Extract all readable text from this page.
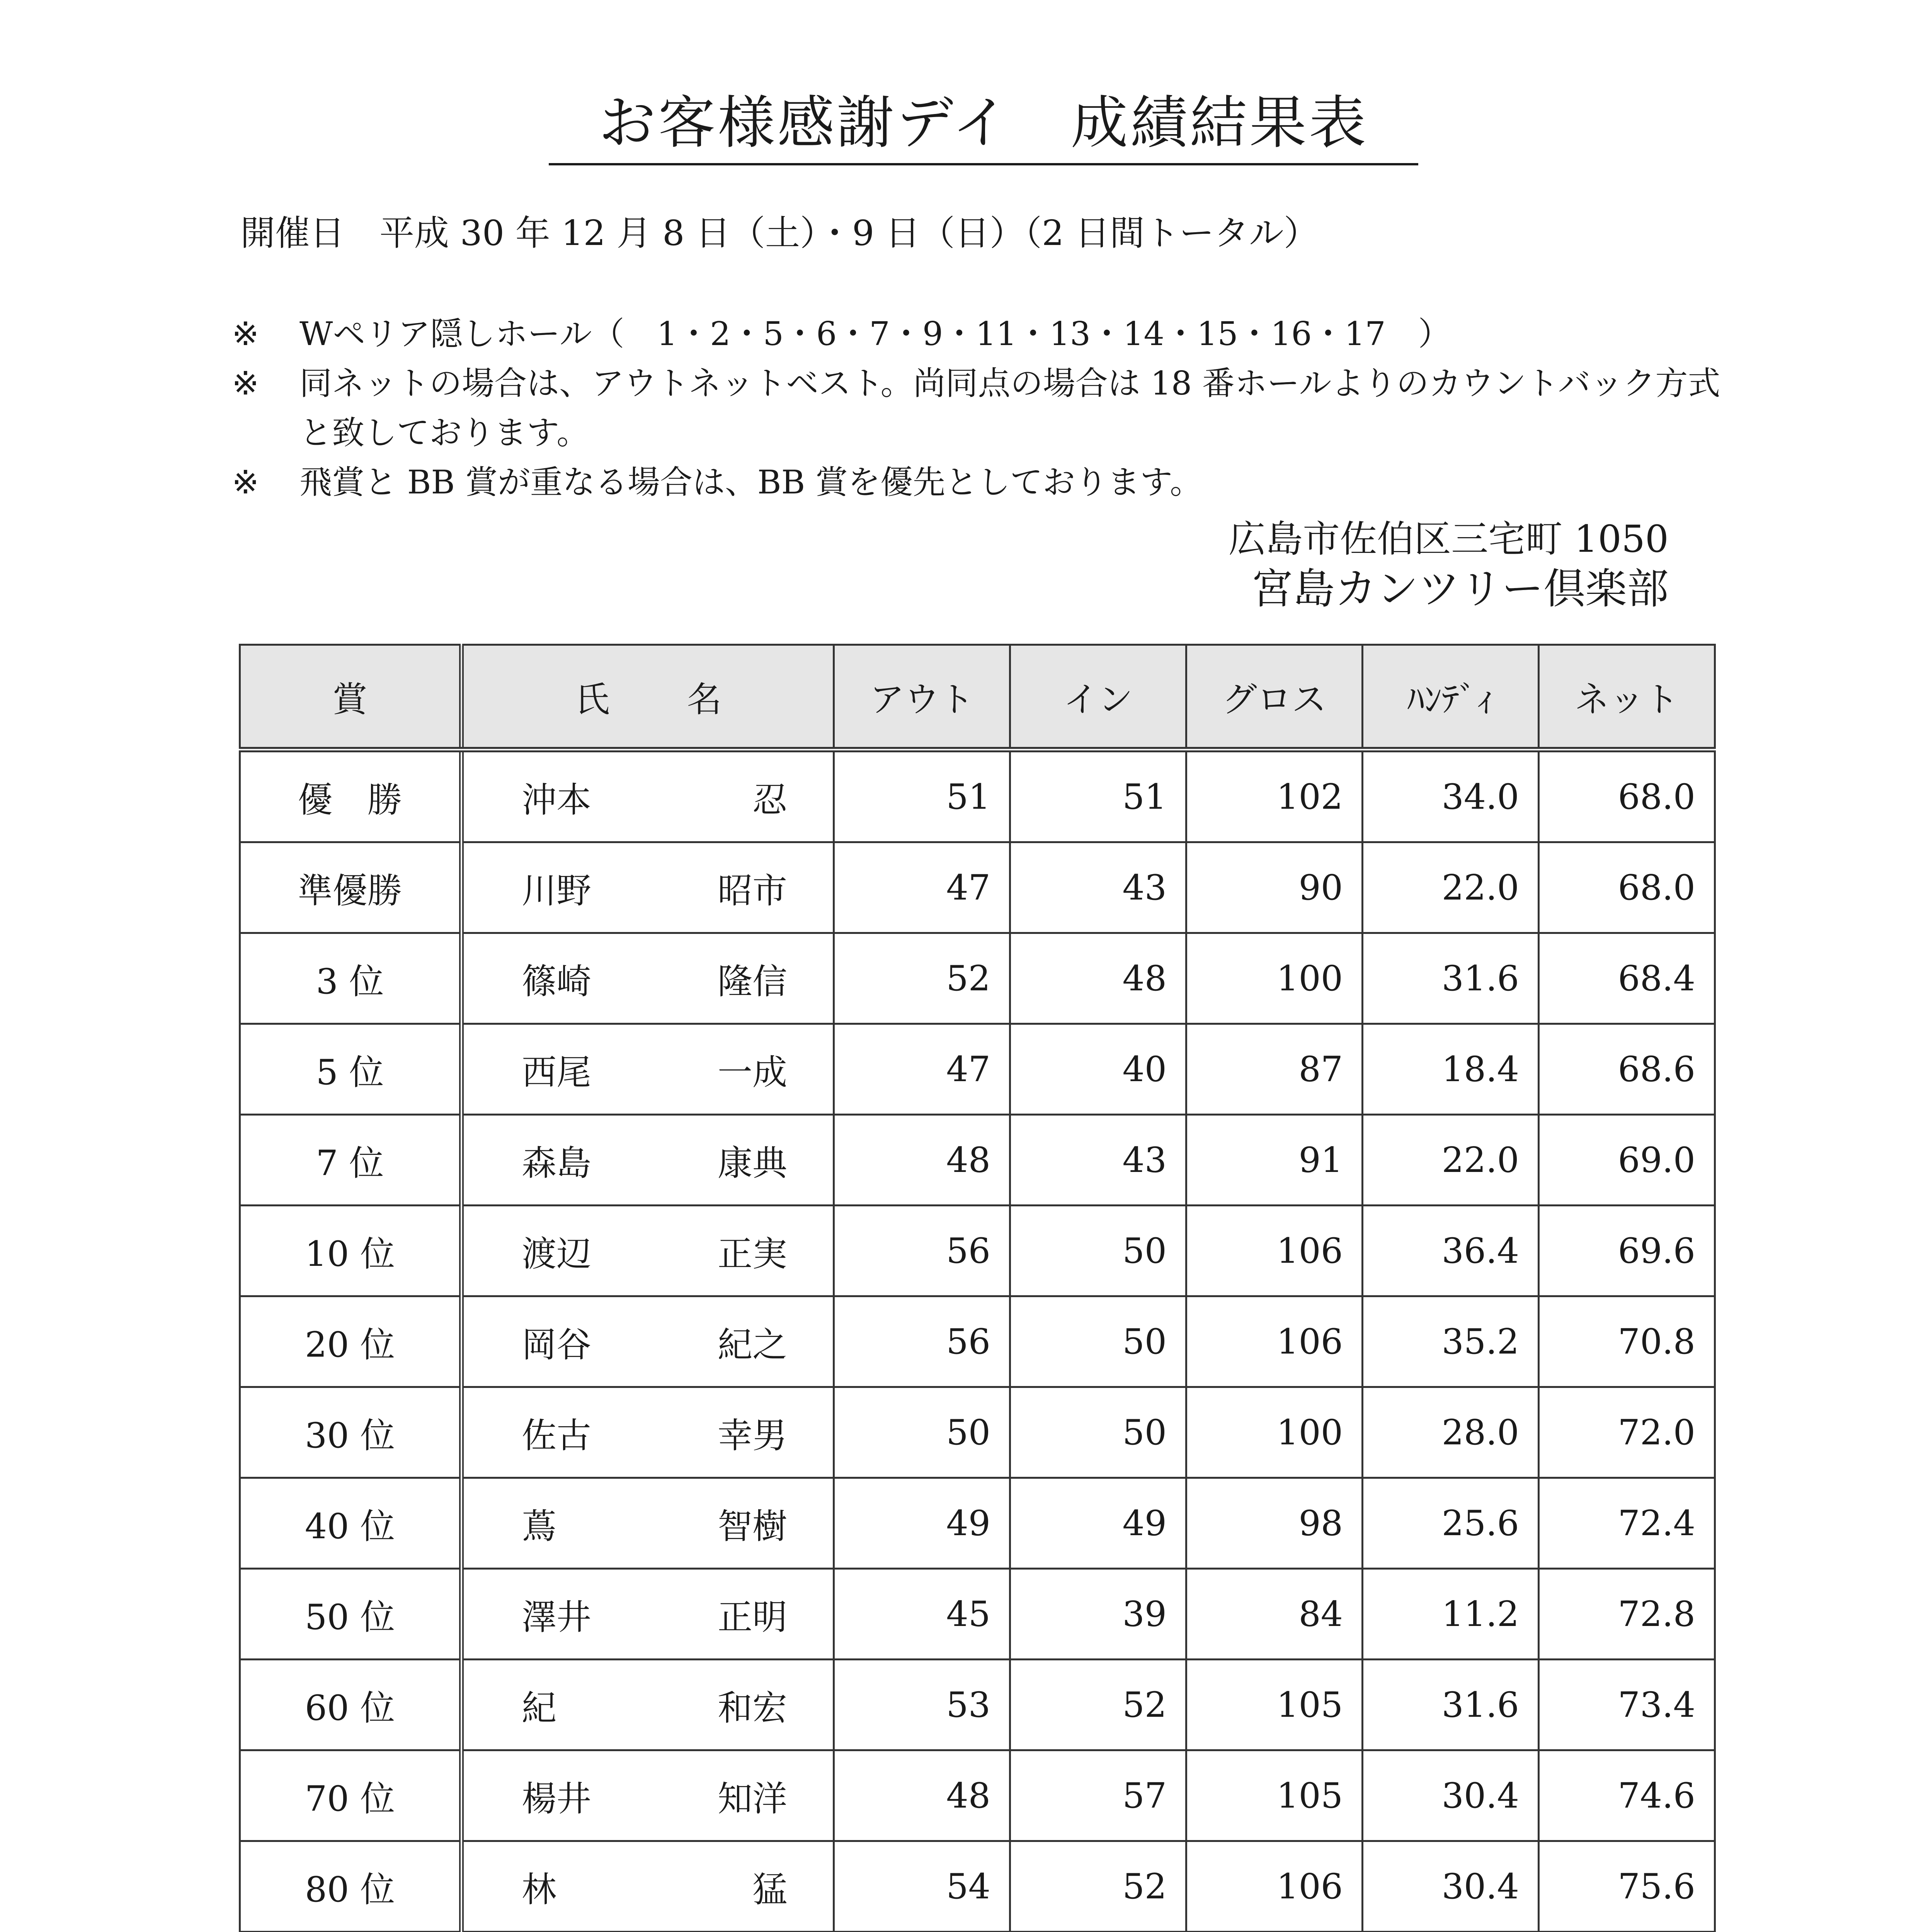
お客様感謝デイ　成績結果表
開催日　平成 30 年 12 月 8 日（土）・9 日（日）（2 日間トータル）
※	Wペリア隠しホール（　1・2・5・6・7・9・11・13・14・15・16・17　）
※	同ネットの場合は、アウトネットベスト。尚同点の場合は 18 番ホールよりのカウントバック方式と致しております。
※	飛賞と BB 賞が重なる場合は、BB 賞を優先としております。
広島市佐伯区三宅町 1050
宮島カンツリー倶楽部
賞	氏 名	アウト	イン	グロス	ﾊﾝﾃﾞｨ	ネット
優　勝	沖本 忍	51	51	102	34.0	68.0
準優勝	川野 昭市	47	43	90	22.0	68.0
3 位	篠崎 隆信	52	48	100	31.6	68.4
5 位	西尾 一成	47	40	87	18.4	68.6
7 位	森島 康典	48	43	91	22.0	69.0
10 位	渡辺 正実	56	50	106	36.4	69.6
20 位	岡谷 紀之	56	50	106	35.2	70.8
30 位	佐古 幸男	50	50	100	28.0	72.0
40 位	蔦 智樹	49	49	98	25.6	72.4
50 位	澤井 正明	45	39	84	11.2	72.8
60 位	紀 和宏	53	52	105	31.6	73.4
70 位	楊井 知洋	48	57	105	30.4	74.6
80 位	林 猛	54	52	106	30.4	75.6
